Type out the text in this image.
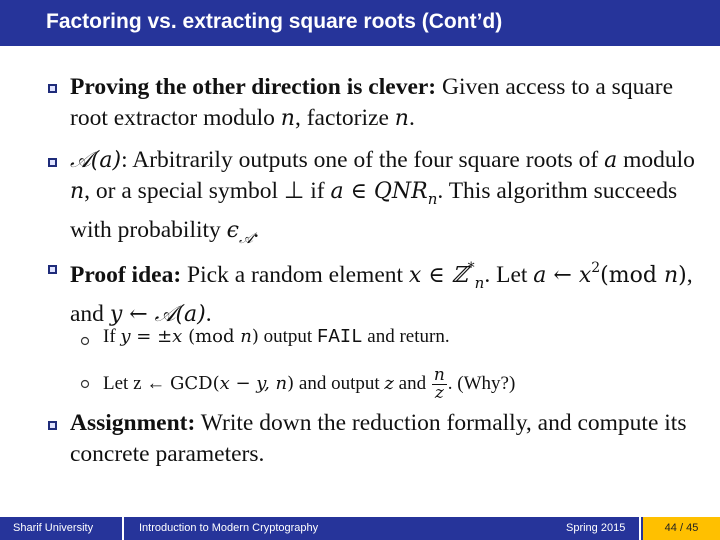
Factoring vs. extracting square roots (Cont’d)
Proving the other direction is clever: Given access to a square root extractor modulo n, factorize n.
𝒜(a): Arbitrarily outputs one of the four square roots of a modulo n, or a special symbol ⊥ if a ∈ $QNR_n$. This algorithm succeeds with probability $\epsilon_𝒜$.
Proof idea: Pick a random element x ∈ ℤ*$_n$. Let a ← $x^2(mod$ n), and y ← 𝒜(a).
If y = ±x (mod n) output FAIL and return.
Let z ← GCD(x − y, n) and output z and $\frac{n}{z}$ . (Why?)
Assignment: Write down the reduction formally, and compute its concrete parameters.
Sharif University	Introduction to Modern Cryptography	Spring 2015	44 / 45
